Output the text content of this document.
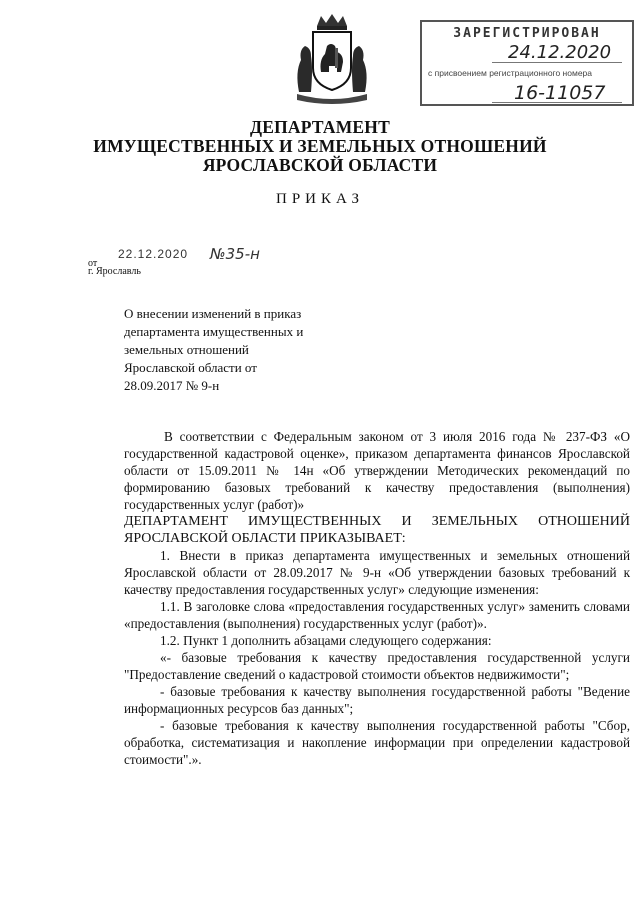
ЗАРЕГИСТРИРОВАН
24.12.2020
с присвоением регистрационного номера
16-11057
ДЕПАРТАМЕНТ
ИМУЩЕСТВЕННЫХ И ЗЕМЕЛЬНЫХ ОТНОШЕНИЙ
ЯРОСЛАВСКОЙ ОБЛАСТИ
ПРИКАЗ
от
22.12.2020 №35-н
г. Ярославль
О внесении изменений в приказ
департамента имущественных и
земельных отношений
Ярославской области от
28.09.2017 № 9-н

В соответствии с Федеральным законом от 3 июля 2016 года № 237-ФЗ «О государственной кадастровой оценке», приказом департамента финансов Ярославской области от 15.09.2011 № 14н «Об утверждении Методических рекомендаций по формированию базовых требований к качеству предоставления (выполнения) государственных услуг (работ)»

ДЕПАРТАМЕНТ ИМУЩЕСТВЕННЫХ И ЗЕМЕЛЬНЫХ ОТНОШЕНИЙ ЯРОСЛАВСКОЙ ОБЛАСТИ ПРИКАЗЫВАЕТ:

1. Внести в приказ департамента имущественных и земельных отношений Ярославской области от 28.09.2017 № 9-н «Об утверждении базовых требований к качеству предоставления государственных услуг» следующие изменения:

1.1. В заголовке слова «предоставления государственных услуг» заменить словами «предоставления (выполнения) государственных услуг (работ)».

1.2. Пункт 1 дополнить абзацами следующего содержания:

«- базовые требования к качеству предоставления государственной услуги "Предоставление сведений о кадастровой стоимости объектов недвижимости";

- базовые требования к качеству выполнения государственной работы "Ведение информационных ресурсов баз данных";

- базовые требования к качеству выполнения государственной работы "Сбор, обработка, систематизация и накопление информации при определении кадастровой стоимости".».
